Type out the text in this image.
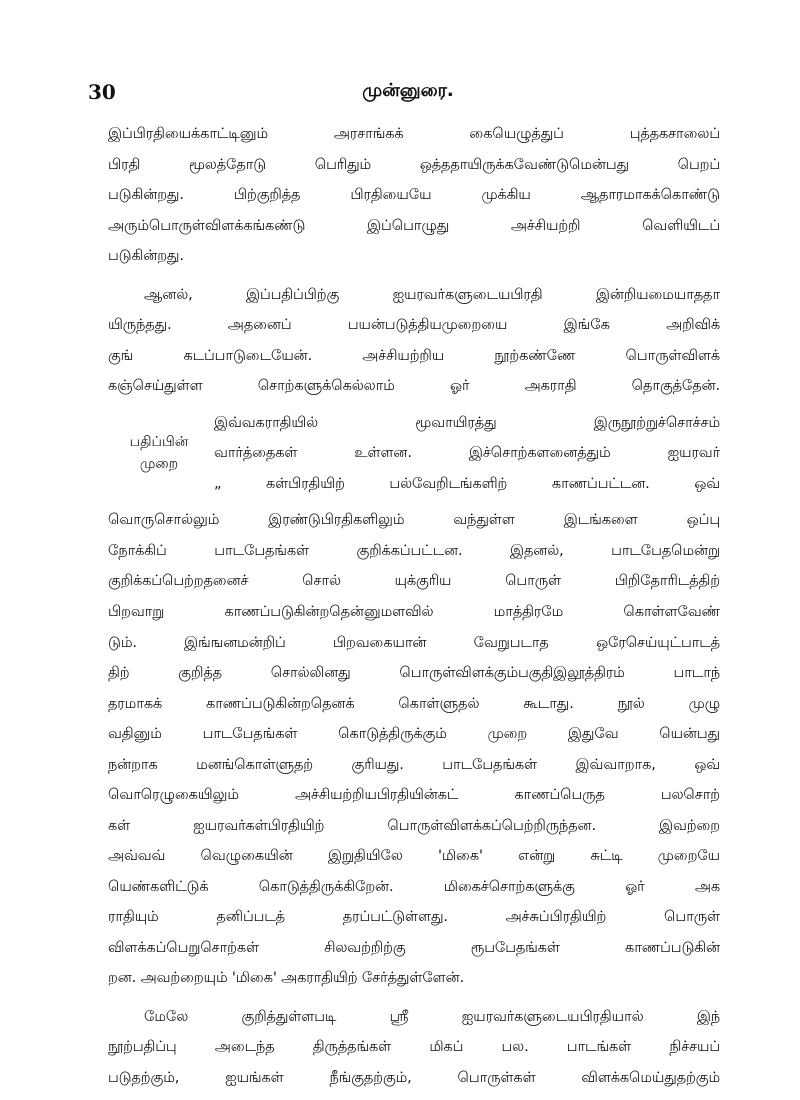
30	முன்னுரை.
பதிப்பின்
முறை
இப்பிரதியைக்காட்டினும் அரசாங்கக் கையெழுத்துப் புத்தகசாலைப்
பிரதி மூலத்தோடு பெரிதும் ஒத்ததாயிருக்கவேண்டுமென்பது பெறப்
படுகின்றது. பிற்குறித்த பிரதியையே முக்கிய ஆதாரமாகக்கொண்டு
அரும்பொருள்விளக்கங்கண்டு இப்பொழுது அச்சியற்றி வெளியிடப்
படுகின்றது.
ஆனல், இப்பதிப்பிற்கு ஐயரவர்களுடையபிரதி இன்றியமையாததா
யிருந்தது. அதனைப் பயன்படுத்தியமுறையை இங்கே அறிவிக்
குங் கடப்பாடுடையேன். அச்சியற்றிய நூற்கண்ணே பொருள்விளக்
கஞ்செய்துள்ள சொற்களுக்கெல்லாம் ஓர் அகராதி தொகுத்தேன்.
இவ்வகராதியில் மூவாயிரத்து இருநூற்றுச்சொச்சம்
வார்த்தைகள் உள்ளன. இச்சொற்களனைத்தும் ஐயரவர்
„ கள்பிரதியிற் பல்வேறிடங்களிற் காணப்பட்டன. ஒவ்
வொருசொல்லும் இரண்டுபிரதிகளிலும் வந்துள்ள இடங்களை ஒப்பு
நோக்கிப் பாடபேதங்கள் குறிக்கப்பட்டன. இதனல், பாடபேதமென்று
குறிக்கப்பெற்றதனைச் சொல் யுக்குரிய பொருள் பிறிதோரிடத்திற்
பிறவாறு காணப்படுகின்றதென்னுமளவில் மாத்திரமே கொள்ளவேண்
டும். இங்ஙனமன்றிப் பிறவகையான் வேறுபடாத ஒரேசெய்யுட்பாடத்
திற் குறித்த சொல்லினது பொருள்விளக்கும்பகுதிஇலூத்திரம் பாடாந்
தரமாகக் காணப்படுகின்றதெனக் கொள்ளுதல் கூடாது. நூல் முழு
வதினும் பாடபேதங்கள் கொடுத்திருக்கும் முறை இதுவே யென்பது
நன்றாக மனங்கொள்ளுதற் குரியது. பாடபேதங்கள் இவ்வாறாக, ஒவ்
வொரெழுகையிலும் அச்சியற்றியபிரதியின்கட் காணப்பெருத பலசொற்
கள் ஐயரவர்கள்பிரதியிற் பொருள்விளக்கப்பெற்றிருந்தன. இவற்றை
அவ்வவ் வெழுகையின் இறுதியிலே 'மிகை' என்று சுட்டி முறையே
யெண்களிட்டுக் கொடுத்திருக்கிறேன். மிகைச்சொற்களுக்கு ஓர் அக
ராதியும் தனிப்படத் தரப்பட்டுள்ளது. அச்சுப்பிரதியிற் பொருள்
விளக்கப்பெறுசொற்கள் சிலவற்றிற்கு ரூபபேதங்கள் காணப்படுகின்
றன. அவற்றையும் 'மிகை' அகராதியிற் சேர்த்துள்ளேன்.
மேலே குறித்துள்ளபடி ஸ்ரீ ஐயரவர்களுடையபிரதியால் இந்
நூற்பதிப்பு அடைந்த திருத்தங்கள் மிகப் பல. பாடங்கள் நிச்சயப்
படுதற்கும், ஐயங்கள் நீங்குதற்கும், பொருள்கள் விளக்கமெய்துதற்கும்
